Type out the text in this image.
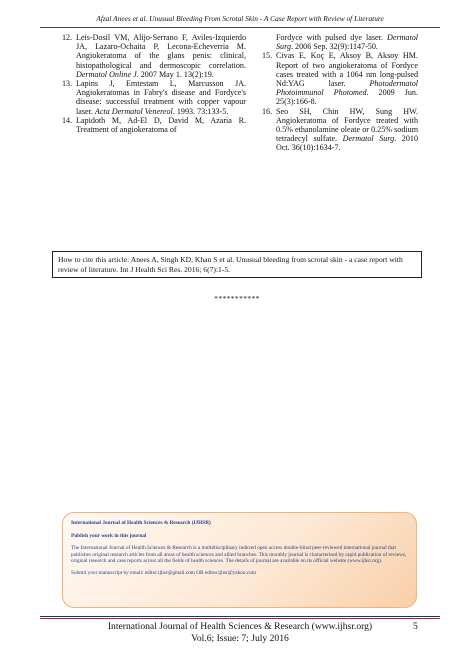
Afzal Anees et al. Unusual Bleeding From Scrotal Skin - A Case Report with Review of Literature
12. Leis-Dosil VM, Alijo-Serrano F, Aviles-Izquierdo JA, Lazaro-Ochaita P, Lecona-Echeverria M. Angiokeratoma of the glans penis: clinical, histopathological and dermoscopic correlation. Dermatol Online J. 2007 May 1. 13(2):19.
13. Lapins J, Emtestam L, Marcusson JA. Angiokeratomas in Fabry's disease and Fordyce's disease: successful treatment with copper vapour laser. Acta Dermatol Venereol. 1993. 73:133-5.
14. Lapidoth M, Ad-El D, David M, Azaria R. Treatment of angiokeratoma of
Fordyce with pulsed dye laser. Dermatol Surg. 2006 Sep. 32(9):1147-50.
15. Civas E, Koç E, Aksoy B, Aksoy HM. Report of two angiokeratoma of Fordyce cases treated with a 1064 nm long-pulsed Nd:YAG laser. Photodermatol Photoimmunol Photomed. 2009 Jun. 25(3):166-8.
16. Seo SH, Chin HW, Sung HW. Angiokeratoma of Fordyce treated with 0.5% ethanolamine oleate or 0.25% sodium tetradecyl sulfate. Dermatol Surg. 2010 Oct. 36(10):1634-7.
How to cite this article: Anees A, Singh KD, Khan S et al. Unusual bleeding from scrotal skin - a case report with review of literature. Int J Health Sci Res. 2016; 6(7):1-5.
***********
International Journal of Health Sciences & Research (IJHSR)
Publish your work in this journal
The International Journal of Health Sciences & Research is a multidisciplinary indexed open access double-blind peer-reviewed international journal that publishes original research articles from all areas of health sciences and allied branches. This monthly journal is characterised by rapid publication of reviews, original research and case reports across all the fields of health sciences. The details of journal are available on its official website (www.ijhsr.org).
Submit your manuscript by email: editor.ijhsr@gmail.com OR editor.ijhsr@yahoo.com
International Journal of Health Sciences & Research (www.ijhsr.org)
Vol.6; Issue: 7; July 2016
5
